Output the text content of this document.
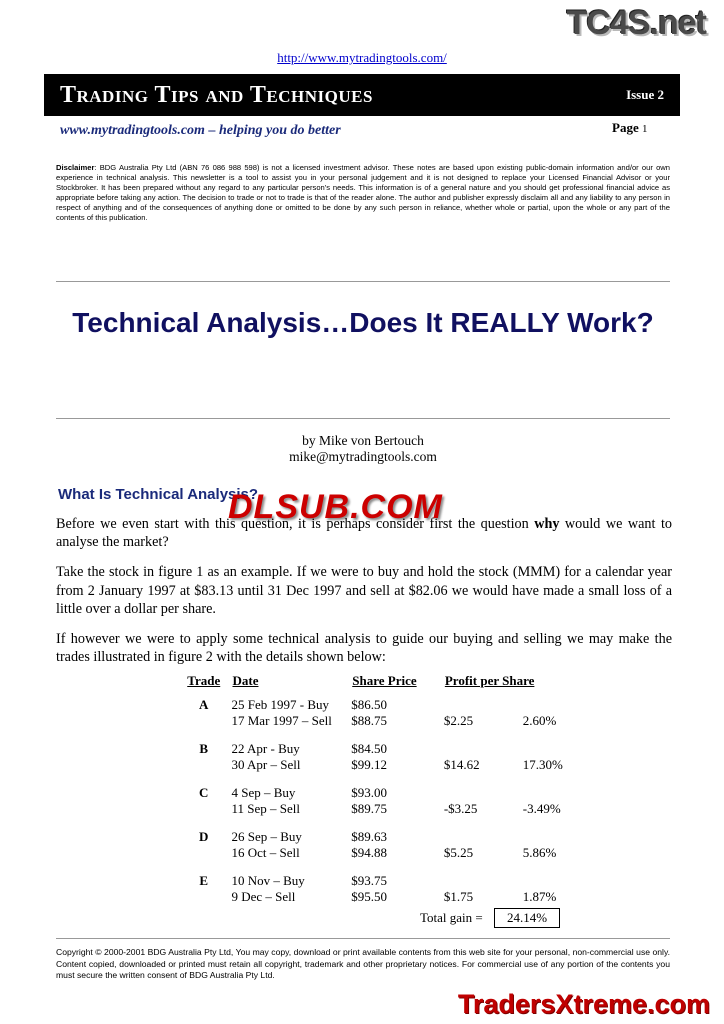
TC4S.net
DLSUB.COM
TradersXtreme.com
http://www.mytradingtools.com/
Trading Tips and Techniques	Issue 2
www.mytradingtools.com – helping you do better	Page 1
Disclaimer: BDG Australia Pty Ltd (ABN 76 086 988 598) is not a licensed investment advisor. These notes are based upon existing public-domain information and/or our own experience in technical analysis. This newsletter is a tool to assist you in your personal judgement and it is not designed to replace your Licensed Financial Advisor or your Stockbroker. It has been prepared without any regard to any particular person's needs. This information is of a general nature and you should get professional financial advice as appropriate before taking any action. The decision to trade or not to trade is that of the reader alone. The author and publisher expressly disclaim all and any liability to any person in respect of anything and of the consequences of anything done or omitted to be done by any such person in reliance, whether whole or partial, upon the whole or any part of the contents of this publication.
Technical Analysis…Does It REALLY Work?
by Mike von Bertouch
mike@mytradingtools.com
What Is Technical Analysis?

Before we even start with this question, it is perhaps consider first the question why would we want to analyse the market?

Take the stock in figure 1 as an example. If we were to buy and hold the stock (MMM) for a calendar year from 2 January 1997 at $83.13 until 31 Dec 1997 and sell at $82.06 we would have made a small loss of a little over a dollar per share.

If however we were to apply some technical analysis to guide our buying and selling we may make the trades illustrated in figure 2 with the details shown below:

Trade	Date	Share Price	Profit per Share	
A	25 Feb 1997 - Buy	$86.50		
	17 Mar 1997 – Sell	$88.75	$2.25	2.60%

B	22 Apr - Buy	$84.50		
	30 Apr – Sell	$99.12	$14.62	17.30%

C	4 Sep – Buy	$93.00		
	11 Sep – Sell	$89.75	-$3.25	-3.49%

D	26 Sep – Buy	$89.63		
	16 Oct – Sell	$94.88	$5.25	5.86%

E	10 Nov – Buy	$93.75		
	9 Dec – Sell	$95.50	$1.75	1.87%
Total gain = 24.14%
Copyright © 2000-2001 BDG Australia Pty Ltd, You may copy, download or print available contents from this web site for your personal, non-commercial use only. Content copied, downloaded or printed must retain all copyright, trademark and other proprietary notices. For commercial use of any portion of the contents you must secure the written consent of BDG Australia Pty Ltd.
